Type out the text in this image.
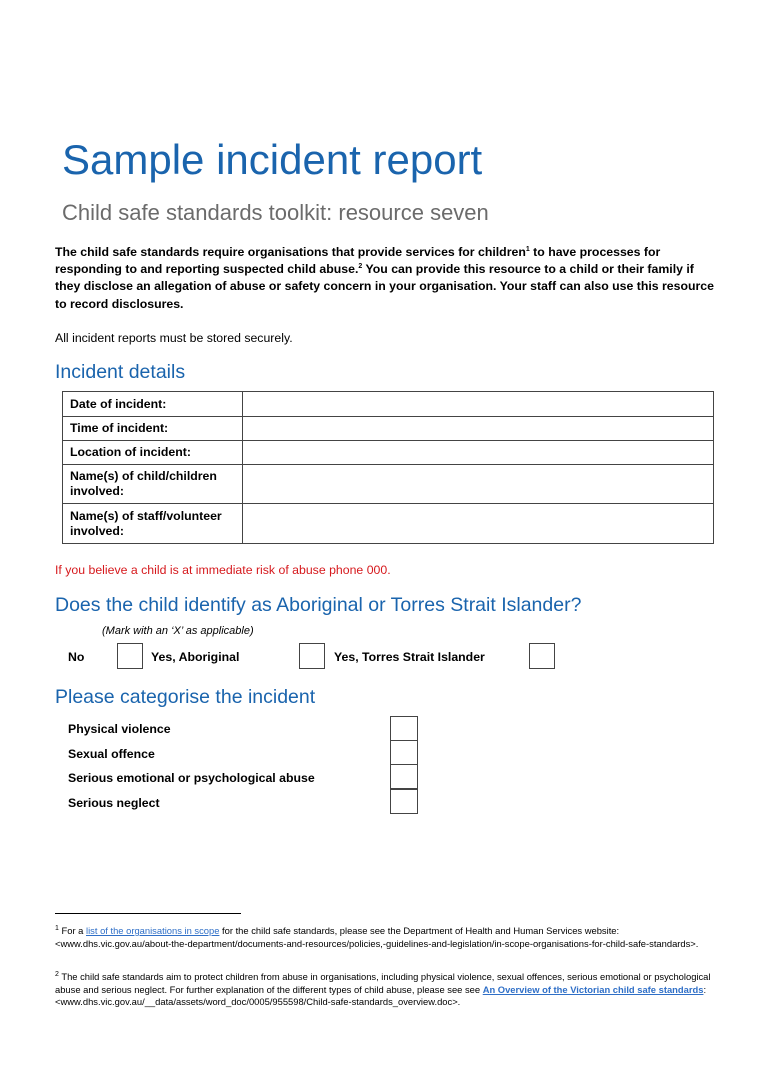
Sample incident report
Child safe standards toolkit: resource seven
The child safe standards require organisations that provide services for children$^1$ to have processes for responding to and reporting suspected child abuse.$^2$ You can provide this resource to a child or their family if they disclose an allegation of abuse or safety concern in your organisation. Your staff can also use this resource to record disclosures.
All incident reports must be stored securely.
Incident details
Date of incident:	
Time of incident:	
Location of incident:	
Name(s) of child/children involved:	
Name(s) of staff/volunteer involved:	
If you believe a child is at immediate risk of abuse phone 000.
Does the child identify as Aboriginal or Torres Strait Islander?
(Mark with an ‘X’ as applicable)
No	Yes, Aboriginal	Yes, Torres Strait Islander
Please categorise the incident
Physical violence
Sexual offence
Serious emotional or psychological abuse
Serious neglect
$^1$ For a list of the organisations in scope for the child safe standards, please see the Department of Health and Human Services website: <www.dhs.vic.gov.au/about-the-department/documents-and-resources/policies,-guidelines-and-legislation/in-scope-organisations-for-child-safe-standards>.
$^2$ The child safe standards aim to protect children from abuse in organisations, including physical violence, sexual offences, serious emotional or psychological abuse and serious neglect. For further explanation of the different types of child abuse, please see see An Overview of the Victorian child safe standards: <www.dhs.vic.gov.au/__data/assets/word_doc/0005/955598/Child-safe-standards_overview.doc>.
